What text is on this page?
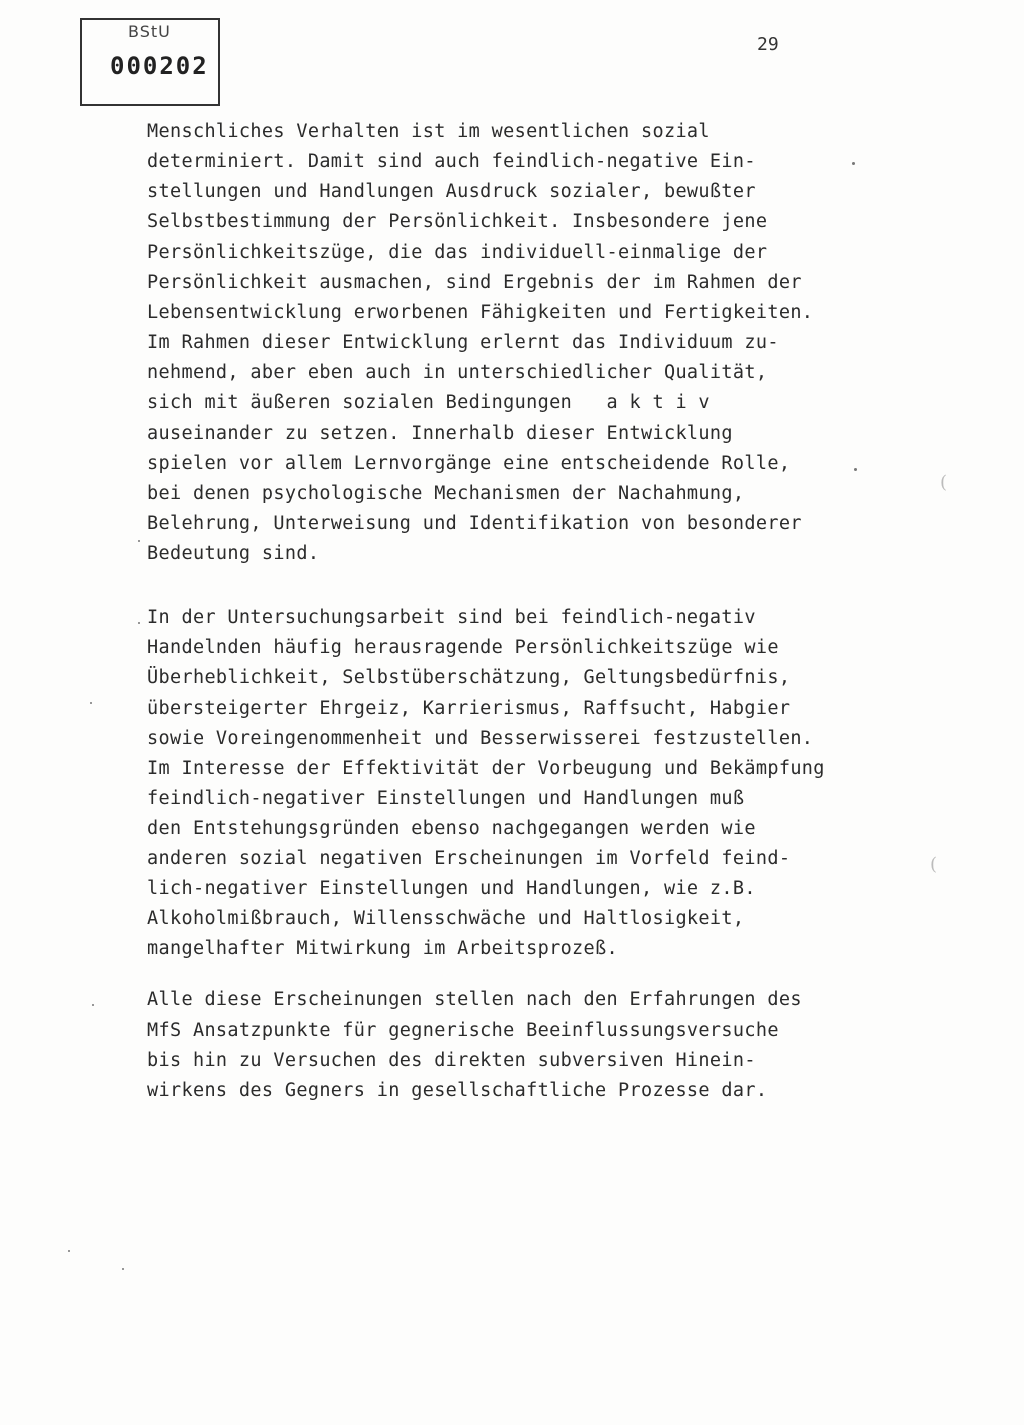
BStU
000202
29
Menschliches Verhalten ist im wesentlichen sozial
determiniert. Damit sind auch feindlich-negative Ein-
stellungen und Handlungen Ausdruck sozialer, bewußter
Selbstbestimmung der Persönlichkeit. Insbesondere jene
Persönlichkeitszüge, die das individuell-einmalige der
Persönlichkeit ausmachen, sind Ergebnis der im Rahmen der
Lebensentwicklung erworbenen Fähigkeiten und Fertigkeiten.
Im Rahmen dieser Entwicklung erlernt das Individuum zu-
nehmend, aber eben auch in unterschiedlicher Qualität,
sich mit äußeren sozialen Bedingungen   a k t i v
auseinander zu setzen. Innerhalb dieser Entwicklung
spielen vor allem Lernvorgänge eine entscheidende Rolle,
bei denen psychologische Mechanismen der Nachahmung,
Belehrung, Unterweisung und Identifikation von besonderer
Bedeutung sind.
In der Untersuchungsarbeit sind bei feindlich-negativ
Handelnden häufig herausragende Persönlichkeitszüge wie
Überheblichkeit, Selbstüberschätzung, Geltungsbedürfnis,
übersteigerter Ehrgeiz, Karrierismus, Raffsucht, Habgier
sowie Voreingenommenheit und Besserwisserei festzustellen.
Im Interesse der Effektivität der Vorbeugung und Bekämpfung
feindlich-negativer Einstellungen und Handlungen muß
den Entstehungsgründen ebenso nachgegangen werden wie
anderen sozial negativen Erscheinungen im Vorfeld feind-
lich-negativer Einstellungen und Handlungen, wie z.B.
Alkoholmißbrauch, Willensschwäche und Haltlosigkeit,
mangelhafter Mitwirkung im Arbeitsprozeß.
Alle diese Erscheinungen stellen nach den Erfahrungen des
MfS Ansatzpunkte für gegnerische Beeinflussungsversuche
bis hin zu Versuchen des direkten subversiven Hinein-
wirkens des Gegners in gesellschaftliche Prozesse dar.
(
(
